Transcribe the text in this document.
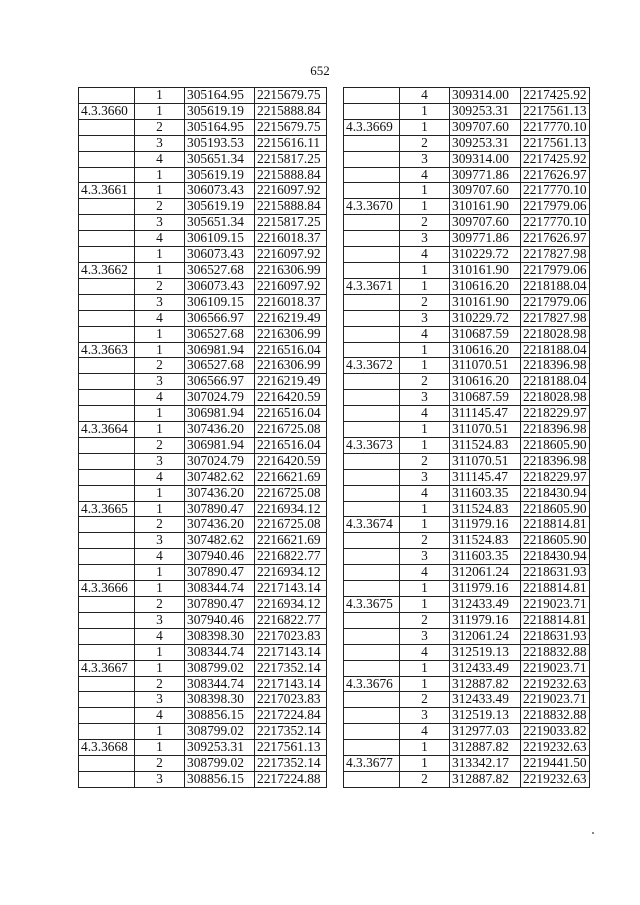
652
	1	305164.95	2215679.75
4.3.3660	1	305619.19	2215888.84
	2	305164.95	2215679.75
	3	305193.53	2215616.11
	4	305651.34	2215817.25
	1	305619.19	2215888.84
4.3.3661	1	306073.43	2216097.92
	2	305619.19	2215888.84
	3	305651.34	2215817.25
	4	306109.15	2216018.37
	1	306073.43	2216097.92
4.3.3662	1	306527.68	2216306.99
	2	306073.43	2216097.92
	3	306109.15	2216018.37
	4	306566.97	2216219.49
	1	306527.68	2216306.99
4.3.3663	1	306981.94	2216516.04
	2	306527.68	2216306.99
	3	306566.97	2216219.49
	4	307024.79	2216420.59
	1	306981.94	2216516.04
4.3.3664	1	307436.20	2216725.08
	2	306981.94	2216516.04
	3	307024.79	2216420.59
	4	307482.62	2216621.69
	1	307436.20	2216725.08
4.3.3665	1	307890.47	2216934.12
	2	307436.20	2216725.08
	3	307482.62	2216621.69
	4	307940.46	2216822.77
	1	307890.47	2216934.12
4.3.3666	1	308344.74	2217143.14
	2	307890.47	2216934.12
	3	307940.46	2216822.77
	4	308398.30	2217023.83
	1	308344.74	2217143.14
4.3.3667	1	308799.02	2217352.14
	2	308344.74	2217143.14
	3	308398.30	2217023.83
	4	308856.15	2217224.84
	1	308799.02	2217352.14
4.3.3668	1	309253.31	2217561.13
	2	308799.02	2217352.14
	3	308856.15	2217224.88
	4	309314.00	2217425.92
	1	309253.31	2217561.13
4.3.3669	1	309707.60	2217770.10
	2	309253.31	2217561.13
	3	309314.00	2217425.92
	4	309771.86	2217626.97
	1	309707.60	2217770.10
4.3.3670	1	310161.90	2217979.06
	2	309707.60	2217770.10
	3	309771.86	2217626.97
	4	310229.72	2217827.98
	1	310161.90	2217979.06
4.3.3671	1	310616.20	2218188.04
	2	310161.90	2217979.06
	3	310229.72	2217827.98
	4	310687.59	2218028.98
	1	310616.20	2218188.04
4.3.3672	1	311070.51	2218396.98
	2	310616.20	2218188.04
	3	310687.59	2218028.98
	4	311145.47	2218229.97
	1	311070.51	2218396.98
4.3.3673	1	311524.83	2218605.90
	2	311070.51	2218396.98
	3	311145.47	2218229.97
	4	311603.35	2218430.94
	1	311524.83	2218605.90
4.3.3674	1	311979.16	2218814.81
	2	311524.83	2218605.90
	3	311603.35	2218430.94
	4	312061.24	2218631.93
	1	311979.16	2218814.81
4.3.3675	1	312433.49	2219023.71
	2	311979.16	2218814.81
	3	312061.24	2218631.93
	4	312519.13	2218832.88
	1	312433.49	2219023.71
4.3.3676	1	312887.82	2219232.63
	2	312433.49	2219023.71
	3	312519.13	2218832.88
	4	312977.03	2219033.82
	1	312887.82	2219232.63
4.3.3677	1	313342.17	2219441.50
	2	312887.82	2219232.63
